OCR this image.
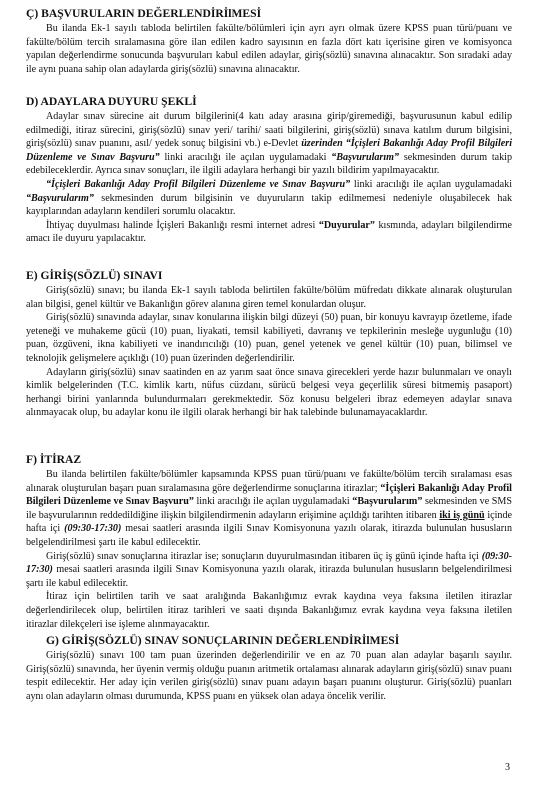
Ç) BAŞVURULARIN DEĞERLENDİRİlMESİ

Bu ilanda Ek-1 sayılı tabloda belirtilen fakülte/bölümleri için ayrı ayrı olmak üzere KPSS puan türü/puanı ve fakülte/bölüm tercih sıralamasına göre ilan edilen kadro sayısının en fazla dört katı içerisine giren ve komisyonca yapılan değerlendirme sonucunda başvuruları kabul edilen adaylar, giriş(sözlü) sınavına alınacaktır. Son sıradaki aday ile aynı puana sahip olan adaylarda giriş(sözlü) sınavına alınacaktır.

D) ADAYLARA DUYURU ŞEKLİ

Adaylar sınav sürecine ait durum bilgilerini(4 katı aday arasına girip/giremediği, başvurusunun kabul edilip edilmediği, itiraz sürecini, giriş(sözlü) sınav yeri/ tarihi/ saati bilgilerini, giriş(sözlü) sınava katılım durum bilgisini, giriş(sözlü) sınav puanını, asıl/ yedek sonuç bilgisini vb.) e-Devlet üzerinden “İçişleri Bakanlığı Aday Profil Bilgileri Düzenleme ve Sınav Başvuru” linki aracılığı ile açılan uygulamadaki “Başvurularım” sekmesinden durum takip edebileceklerdir. Ayrıca sınav sonuçları, ile ilgili adaylara herhangi bir yazılı bildirim yapılmayacaktır.

“İçişleri Bakanlığı Aday Profil Bilgileri Düzenleme ve Sınav Başvuru” linki aracılığı ile açılan uygulamadaki “Başvurularım” sekmesinden durum bilgisinin ve duyuruların takip edilmemesi nedeniyle oluşabilecek hak kayıplarından adayların kendileri sorumlu olacaktır.

İhtiyaç duyulması halinde İçişleri Bakanlığı resmi internet adresi “Duyurular” kısmında, adayları bilgilendirme amacı ile duyuru yapılacaktır.

E) GİRİŞ(SÖZLÜ) SINAVI

Giriş(sözlü) sınavı; bu ilanda Ek-1 sayılı tabloda belirtilen fakülte/bölüm müfredatı dikkate alınarak oluşturulan alan bilgisi, genel kültür ve Bakanlığın görev alanına giren temel konulardan oluşur.

Giriş(sözlü) sınavında adaylar, sınav konularına ilişkin bilgi düzeyi (50) puan, bir konuyu kavrayıp özetleme, ifade yeteneği ve muhakeme gücü (10) puan, liyakati, temsil kabiliyeti, davranış ve tepkilerinin mesleğe uygunluğu (10) puan, özgüveni, ikna kabiliyeti ve inandırıcılığı (10) puan, genel yetenek ve genel kültür (10) puan, bilimsel ve teknolojik gelişmelere açıklığı (10) puan üzerinden değerlendirilir.

Adayların giriş(sözlü) sınav saatinden en az yarım saat önce sınava girecekleri yerde hazır bulunmaları ve onaylı kimlik belgelerinden (T.C. kimlik kartı, nüfus cüzdanı, sürücü belgesi veya geçerlilik süresi bitmemiş pasaport) herhangi birini yanlarında bulundurmaları gerekmektedir. Söz konusu belgeleri ibraz edemeyen adaylar sınava alınmayacak olup, bu adaylar konu ile ilgili olarak herhangi bir hak talebinde bulunamayacaklardır.

F) İTİRAZ

Bu ilanda belirtilen fakülte/bölümler kapsamında KPSS puan türü/puanı ve fakülte/bölüm tercih sıralaması esas alınarak oluşturulan başarı puan sıralamasına göre değerlendirme sonuçlarına itirazlar; “İçişleri Bakanlığı Aday Profil Bilgileri Düzenleme ve Sınav Başvuru” linki aracılığı ile açılan uygulamadaki “Başvurularım” sekmesinden ve SMS ile başvurularının reddedildiğine ilişkin bilgilendirmenin adayların erişimine açıldığı tarihten itibaren iki iş günü içinde hafta içi (09:30-17:30) mesai saatleri arasında ilgili Sınav Komisyonuna yazılı olarak, itirazda bulunulan hususların belgelendirilmesi şartı ile kabul edilecektir.

Giriş(sözlü) sınav sonuçlarına itirazlar ise; sonuçların duyurulmasından itibaren üç iş günü içinde hafta içi (09:30-17:30) mesai saatleri arasında ilgili Sınav Komisyonuna yazılı olarak, itirazda bulunulan hususların belgelendirilmesi şartı ile kabul edilecektir.

İtiraz için belirtilen tarih ve saat aralığında Bakanlığımız evrak kaydına veya faksına iletilen itirazlar değerlendirilecek olup, belirtilen itiraz tarihleri ve saati dışında Bakanlığımız evrak kaydına veya faksına iletilen itirazlar dilekçeleri ise işleme alınmayacaktır.

G) GİRİŞ(SÖZLÜ) SINAV SONUÇLARININ DEĞERLENDİRİlMESİ

Giriş(sözlü) sınavı 100 tam puan üzerinden değerlendirilir ve en az 70 puan alan adaylar başarılı sayılır. Giriş(sözlü) sınavında, her üyenin vermiş olduğu puanın aritmetik ortalaması alınarak adayların giriş(sözlü) sınav puanı tespit edilecektir. Her aday için verilen giriş(sözlü) sınav puanı adayın başarı puanını oluşturur. Giriş(sözlü) puanları aynı olan adayların olması durumunda, KPSS puanı en yüksek olan adaya öncelik verilir.

3
